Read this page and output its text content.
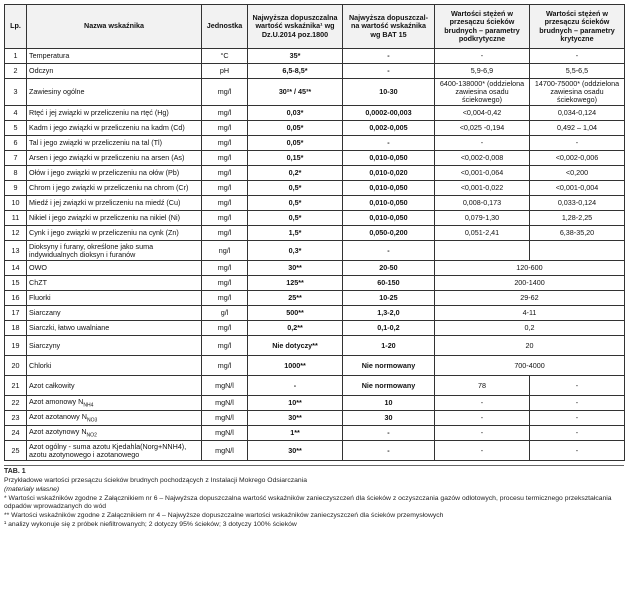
Lp.	Nazwa wskaźnika	Jednostka	Najwyższa dopuszczalna wartość wskaźnika¹ wg Dz.U.2014 poz.1800	Najwyższa dopuszczal-na wartość wskaźnika wg BAT 15	Wartości stężeń w przesączu ścieków brudnych – parametry podkrytyczne	Wartości stężeń w przesączu ścieków brudnych – parametry krytyczne
1	Temperatura	°C	35*	-	-	-
2	Odczyn	pH	6,5-8,5*	-	5,9-6,9	5,5-6,5
3	Zawiesiny ogólne	mg/l	30²* / 45³*	10-30	6400-138000* (oddzielona zawiesina osadu ściekowego)	14700-75000* (oddzielona zawiesina osadu ściekowego)
4	Rtęć i jej związki w przeliczeniu na rtęć (Hg)	mg/l	0,03*	0,0002-00,003	<0,004-0,42	0,034-0,124
5	Kadm i jego związki w przeliczeniu na kadm (Cd)	mg/l	0,05*	0,002-0,005	<0,025 -0,194	0,492 – 1,04
6	Tal i jego związki w przeliczeniu na tal (Tl)	mg/l	0,05*	-	-	-
7	Arsen i jego związki w przeliczeniu na arsen (As)	mg/l	0,15*	0,010-0,050	<0,002-0,008	<0,002-0,006
8	Ołów i jego związki w przeliczeniu na ołów (Pb)	mg/l	0,2*	0,010-0,020	<0,001-0,064	<0,200
9	Chrom i jego związki w przeliczeniu na chrom (Cr)	mg/l	0,5*	0,010-0,050	<0,001-0,022	<0,001-0,004
10	Miedź i jej związki w przeliczeniu na miedź (Cu)	mg/l	0,5*	0,010-0,050	0,008-0,173	0,033-0,124
11	Nikiel i jego związki w przeliczeniu na nikiel (Ni)	mg/l	0,5*	0,010-0,050	0,079-1,30	1,28-2,25
12	Cynk i jego związki w przeliczeniu na cynk (Zn)	mg/l	1,5*	0,050-0,200	0,051-2,41	6,38-35,20
13	Dioksyny i furany, określone jako suma indywidualnych dioksyn i furanów	ng/l	0,3*	-		
14	OWO	mg/l	30**	20-50	120-600	
15	ChZT	mg/l	125**	60-150	200-1400	
16	Fluorki	mg/l	25**	10-25	29-62	
17	Siarczany	g/l	500**	1,3-2,0	4-11	
18	Siarczki, łatwo uwalniane	mg/l	0,2**	0,1-0,2	0,2	
19	Siarczyny	mg/l	Nie dotyczy**	1-20	20	
20	Chlorki	mg/l	1000**	Nie normowany	700-4000	
21	Azot całkowity	mgN/l	-	Nie normowany	78	-
22	Azot amonowy $N_{NH4}$	mgN/l	10**	10	-	-
23	Azot azotanowy $N_{NO3}$	mgN/l	30**	30	-	-
24	Azot azotynowy $N_{NO2}$	mgN/l	1**	-	-	-
25	Azot ogólny - suma azotu Kjedahla(Norg+NNH4), azotu azotynowego i azotanowego	mgN/l	30**	-	-	-
TAB. 1
Przykładowe wartości przesączu ścieków brudnych pochodzących z Instalacji Mokrego Odsiarczania
(materiały własne)
* Wartości wskaźników zgodne z Załącznikiem nr 6 – Najwyższa dopuszczalna wartość wskaźników zanieczyszczeń dla ścieków z oczyszczania gazów odlotowych, procesu termicznego przekształcania odpadów wprowadzanych do wód
** Wartości wskaźników zgodne z Załącznikiem nr 4 – Najwyższe dopuszczalne wartości wskaźników zanieczyszczeń dla ścieków przemysłowych
¹ analizy wykonuje się z próbek niefiltrowanych; 2 dotyczy 95% ścieków; 3 dotyczy 100% ścieków
